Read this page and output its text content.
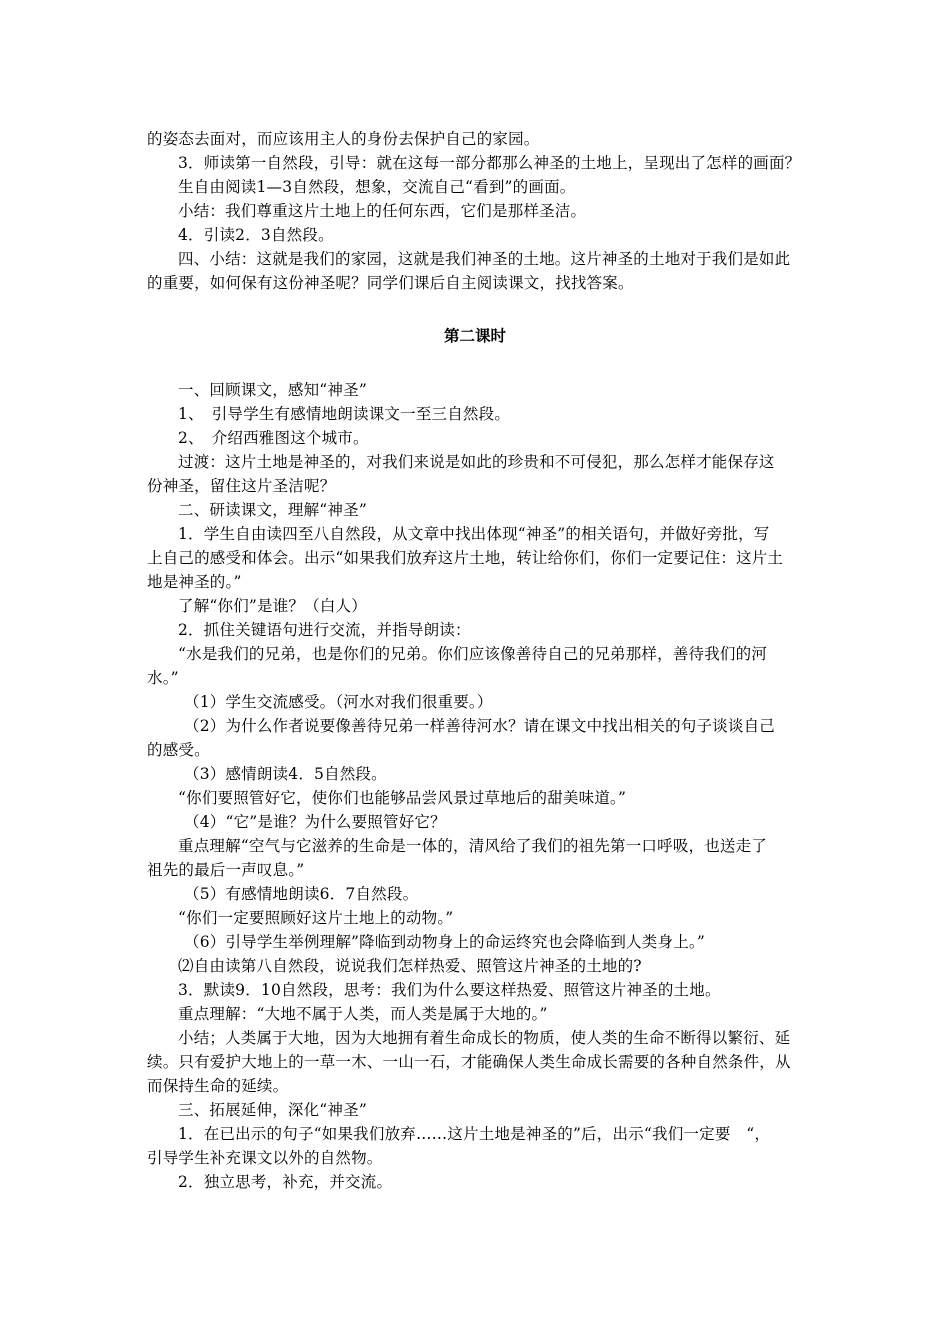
的姿态去面对，而应该用主人的身份去保护自己的家园。
3．师读第一自然段，引导：就在这每一部分都那么神圣的土地上，呈现出了怎样的画面？
生自由阅读1—3自然段，想象，交流自己“看到”的画面。
小结：我们尊重这片土地上的任何东西，它们是那样圣洁。
4．引读2．3自然段。
四、小结：这就是我们的家园，这就是我们神圣的土地。这片神圣的土地对于我们是如此
的重要，如何保有这份神圣呢？同学们课后自主阅读课文，找找答案。
第二课时
一、回顾课文，感知“神圣”
1、　引导学生有感情地朗读课文一至三自然段。
2、　介绍西雅图这个城市。
过渡：这片土地是神圣的，对我们来说是如此的珍贵和不可侵犯，那么怎样才能保存这
份神圣，留住这片圣洁呢？
二、研读课文，理解“神圣”
1．学生自由读四至八自然段，从文章中找出体现“神圣”的相关语句，并做好旁批，写
上自己的感受和体会。出示“如果我们放弃这片土地，转让给你们，你们一定要记住：这片土
地是神圣的。”
了解“你们”是谁？（白人）
2．抓住关键语句进行交流，并指导朗读：
“水是我们的兄弟，也是你们的兄弟。你们应该像善待自己的兄弟那样，善待我们的河
水。”
（1）学生交流感受。（河水对我们很重要。）
（2）为什么作者说要像善待兄弟一样善待河水？请在课文中找出相关的句子谈谈自己
的感受。
（3）感情朗读4．5自然段。
“你们要照管好它，使你们也能够品尝风景过草地后的甜美味道。”
（4）“它”是谁？为什么要照管好它？
重点理解“空气与它滋养的生命是一体的，清风给了我们的祖先第一口呼吸，也送走了
祖先的最后一声叹息。”
（5）有感情地朗读6．7自然段。
“你们一定要照顾好这片土地上的动物。”
（6）引导学生举例理解”降临到动物身上的命运终究也会降临到人类身上。”
⑵自由读第八自然段，说说我们怎样热爱、照管这片神圣的土地的?
3．默读9．10自然段，思考：我们为什么要这样热爱、照管这片神圣的土地。
重点理解：“大地不属于人类，而人类是属于大地的。”
小结；人类属于大地，因为大地拥有着生命成长的物质，使人类的生命不断得以繁衍、延
续。只有爱护大地上的一草一木、一山一石，才能确保人类生命成长需要的各种自然条件，从
而保持生命的延续。
三、拓展延伸，深化“神圣”
1．在已出示的句子“如果我们放弃……这片土地是神圣的”后，出示“我们一定要　“，
引导学生补充课文以外的自然物。
2．独立思考，补充，并交流。
